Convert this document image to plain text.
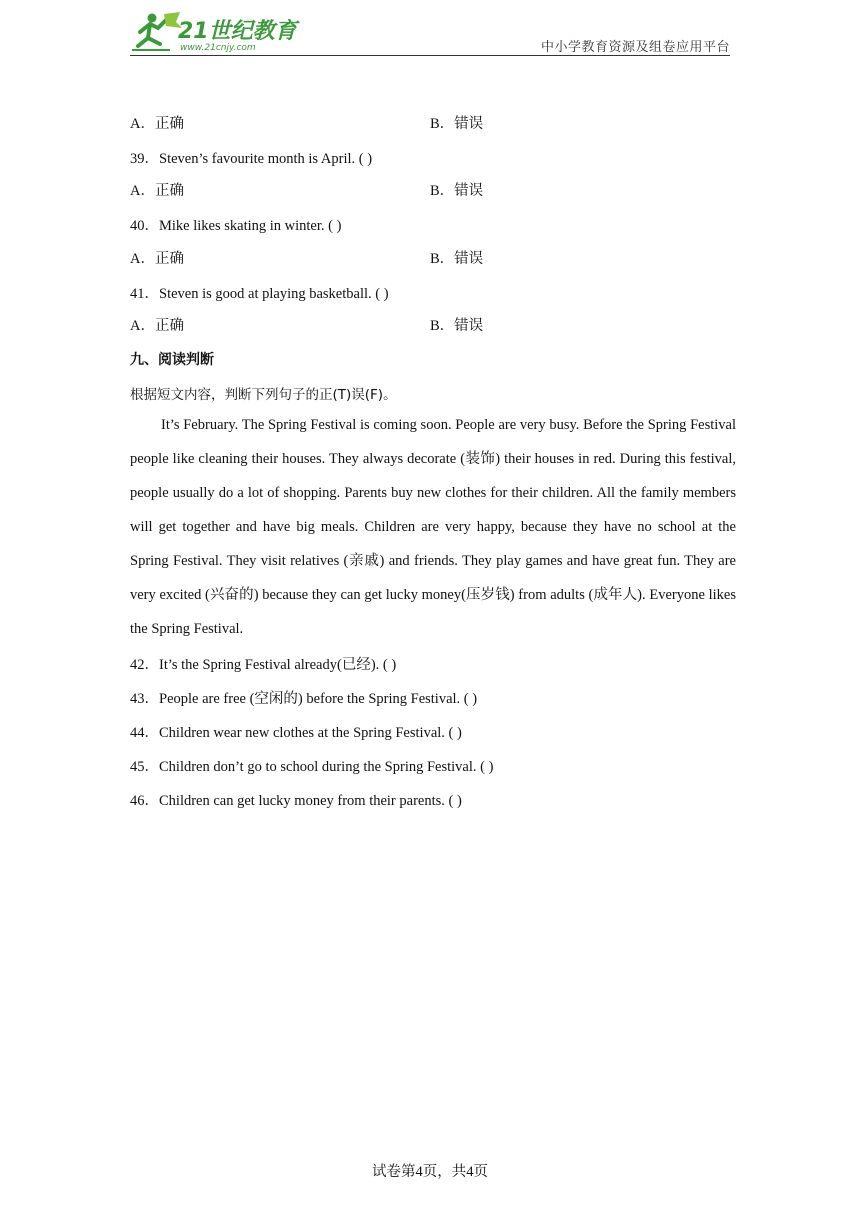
21世纪教育
www.21cnjy.com	中小学教育资源及组卷应用平台
A．正确	B．错误
39．Steven’s favourite month is April. ( )
A．正确	B．错误
40．Mike likes skating in winter. ( )
A．正确	B．错误
41．Steven is good at playing basketball. ( )
A．正确	B．错误
九、阅读判断
根据短文内容，判断下列句子的正(T)误(F)。

It’s February. The Spring Festival is coming soon. People are very busy. Before the Spring Festival people like cleaning their houses. They always decorate (装饰) their houses in red. During this festival, people usually do a lot of shopping. Parents buy new clothes for their children. All the family members will get together and have big meals. Children are very happy, because they have no school at the Spring Festival. They visit relatives (亲戚) and friends. They play games and have great fun. They are very excited (兴奋的) because they can get lucky money(压岁钱) from adults (成年人). Everyone likes the Spring Festival.

42．It’s the Spring Festival already(已经). ( )
43．People are free (空闲的) before the Spring Festival. ( )
44．Children wear new clothes at the Spring Festival. ( )
45．Children don’t go to school during the Spring Festival. ( )
46．Children can get lucky money from their parents. ( )
试卷第4页，共4页
